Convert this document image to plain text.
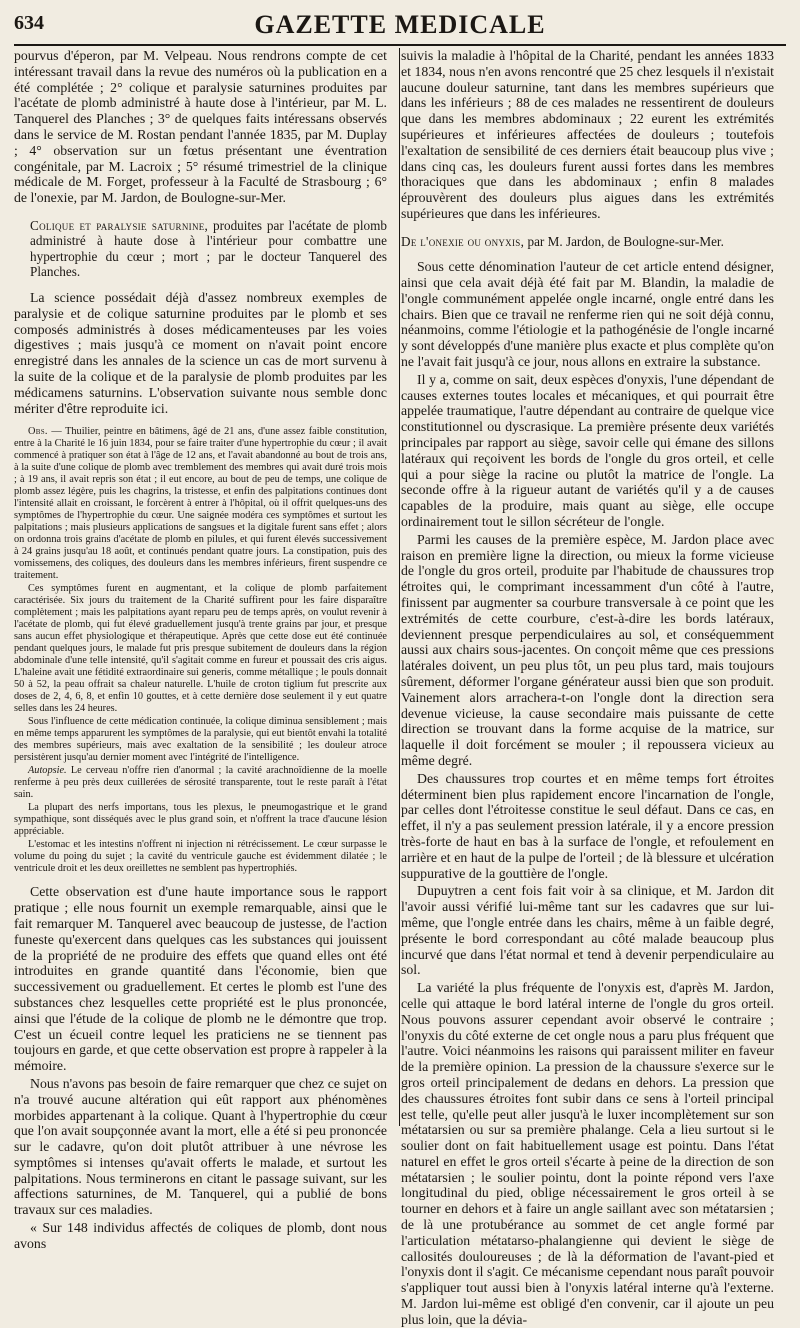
634	GAZETTE MEDICALE

pourvus d'éperon, par M. Velpeau. Nous rendrons compte de cet intéressant travail dans la revue des numéros où la publication en a été complétée ; 2° colique et paralysie saturnines produites par l'acétate de plomb administré à haute dose à l'intérieur, par M. L. Tanquerel des Planches ; 3° de quelques faits intéressans observés dans le service de M. Rostan pendant l'année 1835, par M. Duplay ; 4° observation sur un fœtus présentant une éventration congénitale, par M. Lacroix ; 5° résumé trimestriel de la clinique médicale de M. Forget, professeur à la Faculté de Strasbourg ; 6° de l'onexie, par M. Jardon, de Boulogne-sur-Mer.

Colique et paralysie saturnine, produites par l'acétate de plomb administré à haute dose à l'intérieur pour combattre une hypertrophie du cœur ; mort ; par le docteur Tanquerel des Planches.

La science possédait déjà d'assez nombreux exemples de paralysie et de colique saturnine produites par le plomb et ses composés administrés à doses médicamenteuses par les voies digestives ; mais jusqu'à ce moment on n'avait point encore enregistré dans les annales de la science un cas de mort survenu à la suite de la colique et de la paralysie de plomb produites par les médicamens saturnins. L'observation suivante nous semble donc mériter d'être reproduite ici.

Obs. — Thuilier, peintre en bâtimens, âgé de 21 ans, d'une assez faible constitution, entre à la Charité le 16 juin 1834, pour se faire traiter d'une hypertrophie du cœur ; il avait commencé à pratiquer son état à l'âge de 12 ans, et l'avait abandonné au bout de trois ans, à la suite d'une colique de plomb avec tremblement des membres qui avait duré trois mois ; à 19 ans, il avait repris son état ; il eut encore, au bout de peu de temps, une colique de plomb assez légère, puis les chagrins, la tristesse, et enfin des palpitations continues dont l'intensité allait en croissant, le forcèrent à entrer à l'hôpital, où il offrit quelques-uns des symptômes de l'hypertrophie du cœur. Une saignée modéra ces symptômes et surtout les palpitations ; mais plusieurs applications de sangsues et la digitale furent sans effet ; alors on ordonna trois grains d'acétate de plomb en pilules, et qui furent élevés successivement à 24 grains jusqu'au 18 août, et continués pendant quatre jours. La constipation, puis des vomissemens, des coliques, des douleurs dans les membres inférieurs, firent suspendre ce traitement.

Ces symptômes furent en augmentant, et la colique de plomb parfaitement caractérisée. Six jours du traitement de la Charité suffirent pour les faire disparaître complètement ; mais les palpitations ayant reparu peu de temps après, on voulut revenir à l'acétate de plomb, qui fut élevé graduellement jusqu'à trente grains par jour, et presque sans aucun effet physiologique et thérapeutique. Après que cette dose eut été continuée pendant quelques jours, le malade fut pris presque subitement de douleurs dans la région abdominale d'une telle intensité, qu'il s'agitait comme en fureur et poussait des cris aigus. L'haleine avait une fétidité extraordinaire sui generis, comme métallique ; le pouls donnait 50 à 52, la peau offrait sa chaleur naturelle. L'huile de croton tiglium fut prescrite aux doses de 2, 4, 6, 8, et enfin 10 gouttes, et à cette dernière dose seulement il y eut quatre selles dans les 24 heures.

Sous l'influence de cette médication continuée, la colique diminua sensiblement ; mais en même temps apparurent les symptômes de la paralysie, qui eut bientôt envahi la totalité des membres supérieurs, mais avec exaltation de la sensibilité ; les douleur atroce persistèrent jusqu'au dernier moment avec l'intégrité de l'intelligence.

Autopsie. Le cerveau n'offre rien d'anormal ; la cavité arachnoïdienne de la moelle renferme à peu près deux cuillerées de sérosité transparente, tout le reste paraît à l'état sain.

La plupart des nerfs importans, tous les plexus, le pneumogastrique et le grand sympathique, sont disséqués avec le plus grand soin, et n'offrent la trace d'aucune lésion appréciable.

L'estomac et les intestins n'offrent ni injection ni rétrécissement. Le cœur surpasse le volume du poing du sujet ; la cavité du ventricule gauche est évidemment dilatée ; le ventricule droit et les deux oreillettes ne semblent pas hypertrophiés.

Cette observation est d'une haute importance sous le rapport pratique ; elle nous fournit un exemple remarquable, ainsi que le fait remarquer M. Tanquerel avec beaucoup de justesse, de l'action funeste qu'exercent dans quelques cas les substances qui jouissent de la propriété de ne produire des effets que quand elles ont été introduites en grande quantité dans l'économie, bien que successivement ou graduellement. Et certes le plomb est l'une des substances chez lesquelles cette propriété est le plus prononcée, ainsi que l'étude de la colique de plomb ne le démontre que trop. C'est un écueil contre lequel les praticiens ne se tiennent pas toujours en garde, et que cette observation est propre à rappeler à la mémoire.

Nous n'avons pas besoin de faire remarquer que chez ce sujet on n'a trouvé aucune altération qui eût rapport aux phénomènes morbides appartenant à la colique. Quant à l'hypertrophie du cœur que l'on avait soupçonnée avant la mort, elle a été si peu prononcée sur le cadavre, qu'on doit plutôt attribuer à une névrose les symptômes si intenses qu'avait offerts le malade, et surtout les palpitations. Nous terminerons en citant le passage suivant, sur les affections saturnines, de M. Tanquerel, qui a publié de bons travaux sur ces maladies.

« Sur 148 individus affectés de coliques de plomb, dont nous avons

suivis la maladie à l'hôpital de la Charité, pendant les années 1833 et 1834, nous n'en avons rencontré que 25 chez lesquels il n'existait aucune douleur saturnine, tant dans les membres supérieurs que dans les inférieurs ; 88 de ces malades ne ressentirent de douleurs que dans les membres abdominaux ; 22 eurent les extrémités supérieures et inférieures affectées de douleurs ; toutefois l'exaltation de sensibilité de ces derniers était beaucoup plus vive ; dans cinq cas, les douleurs furent aussi fortes dans les membres thoraciques que dans les abdominaux ; enfin 8 malades éprouvèrent des douleurs plus aigues dans les extrémités supérieures que dans les inférieures.

De l'onexie ou onyxis, par M. Jardon, de Boulogne-sur-Mer.

Sous cette dénomination l'auteur de cet article entend désigner, ainsi que cela avait déjà été fait par M. Blandin, la maladie de l'ongle communément appelée ongle incarné, ongle entré dans les chairs. Bien que ce travail ne renferme rien qui ne soit déjà connu, néanmoins, comme l'étiologie et la pathogénésie de l'ongle incarné y sont développés d'une manière plus exacte et plus complète qu'on ne l'avait fait jusqu'à ce jour, nous allons en extraire la substance.

Il y a, comme on sait, deux espèces d'onyxis, l'une dépendant de causes externes toutes locales et mécaniques, et qui pourrait être appelée traumatique, l'autre dépendant au contraire de quelque vice constitutionnel ou dyscrasique. La première présente deux variétés principales par rapport au siège, savoir celle qui émane des sillons latéraux qui reçoivent les bords de l'ongle du gros orteil, et celle qui a pour siège la racine ou plutôt la matrice de l'ongle. La seconde offre à la rigueur autant de variétés qu'il y a de causes capables de la produire, mais quant au siège, elle occupe ordinairement tout le sillon sécréteur de l'ongle.

Parmi les causes de la première espèce, M. Jardon place avec raison en première ligne la direction, ou mieux la forme vicieuse de l'ongle du gros orteil, produite par l'habitude de chaussures trop étroites qui, le comprimant incessamment d'un côté à l'autre, finissent par augmenter sa courbure transversale à ce point que les extrémités de cette courbure, c'est-à-dire les bords latéraux, deviennent presque perpendiculaires au sol, et conséquemment aussi aux chairs sous-jacentes. On conçoit même que ces pressions latérales doivent, un peu plus tôt, un peu plus tard, mais toujours sûrement, déformer l'organe générateur aussi bien que son produit. Vainement alors arrachera-t-on l'ongle dont la direction sera devenue vicieuse, la cause secondaire mais puissante de cette direction se trouvant dans la forme acquise de la matrice, sur laquelle il doit forcément se mouler ; il repoussera vicieux au même degré.

Des chaussures trop courtes et en même temps fort étroites déterminent bien plus rapidement encore l'incarnation de l'ongle, par celles dont l'étroitesse constitue le seul défaut. Dans ce cas, en effet, il n'y a pas seulement pression latérale, il y a encore pression très-forte de haut en bas à la surface de l'ongle, et refoulement en arrière et en haut de la pulpe de l'orteil ; de là blessure et ulcération suppurative de la gouttière de l'ongle.

Dupuytren a cent fois fait voir à sa clinique, et M. Jardon dit l'avoir aussi vérifié lui-même tant sur les cadavres que sur lui-même, que l'ongle entrée dans les chairs, même à un faible degré, présente le bord correspondant au côté malade beaucoup plus incurvé que dans l'état normal et tend à devenir perpendiculaire au sol.

La variété la plus fréquente de l'onyxis est, d'après M. Jardon, celle qui attaque le bord latéral interne de l'ongle du gros orteil. Nous pouvons assurer cependant avoir observé le contraire ; l'onyxis du côté externe de cet ongle nous a paru plus fréquent que l'autre. Voici néanmoins les raisons qui paraissent militer en faveur de la première opinion. La pression de la chaussure s'exerce sur le gros orteil principalement de dedans en dehors. La pression que des chaussures étroites font subir dans ce sens à l'orteil principal est telle, qu'elle peut aller jusqu'à le luxer incomplètement sur son métatarsien ou sur sa première phalange. Cela a lieu surtout si le soulier dont on fait habituellement usage est pointu. Dans l'état naturel en effet le gros orteil s'écarte à peine de la direction de son métatarsien ; le soulier pointu, dont la pointe répond vers l'axe longitudinal du pied, oblige nécessairement le gros orteil à se tourner en dehors et à faire un angle saillant avec son métatarsien ; de là une protubérance au sommet de cet angle formé par l'articulation métatarso-phalangienne qui devient le siège de callosités douloureuses ; de là la déformation de l'avant-pied et l'onyxis dont il s'agit. Ce mécanisme cependant nous paraît pouvoir s'appliquer tout aussi bien à l'onyxis latéral interne qu'à l'externe. M. Jardon lui-même est obligé d'en convenir, car il ajoute un peu plus loin, que la dévia-
